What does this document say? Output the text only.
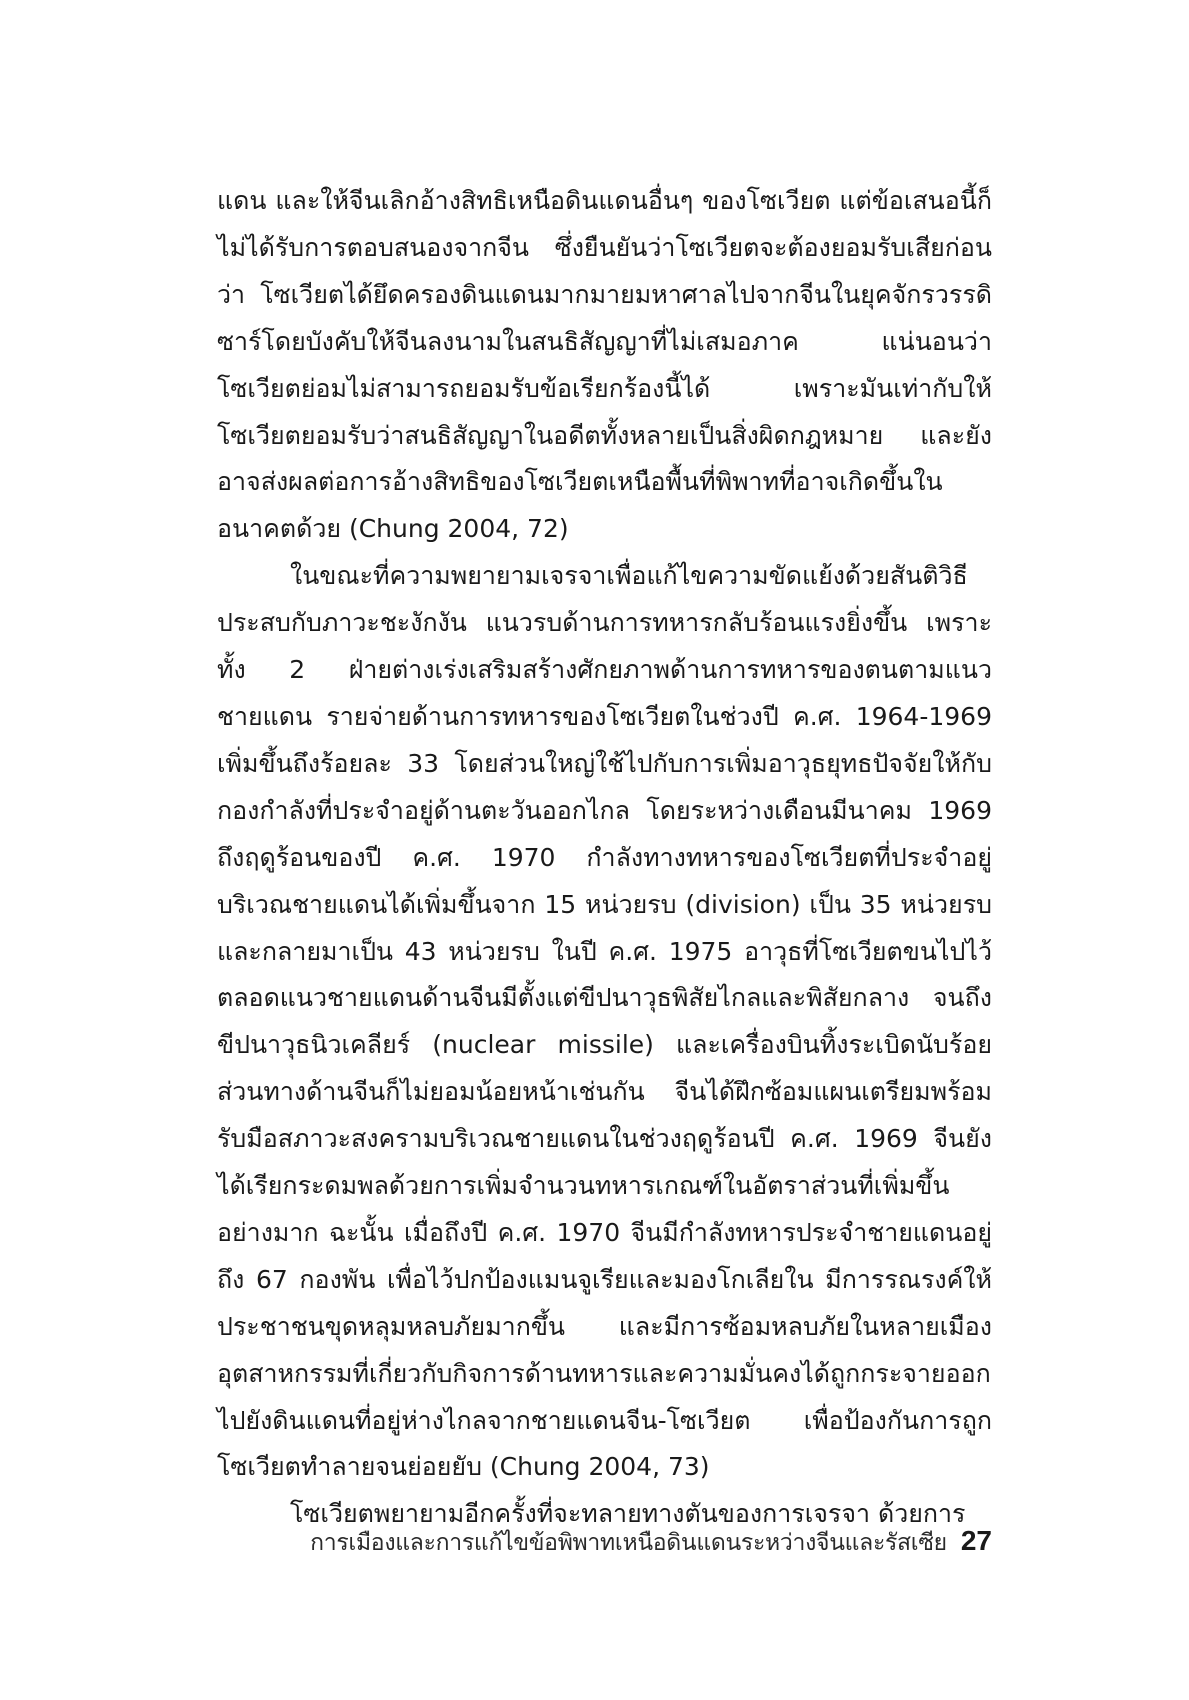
แดน และให้จีนเลิกอ้างสิทธิเหนือดินแดนอื่นๆ ของโซเวียต แต่ข้อเสนอนี้ก็ไม่ได้รับการตอบสนองจากจีน ซึ่งยืนยันว่าโซเวียตจะต้องยอมรับเสียก่อนว่า โซเวียตได้ยึดครองดินแดนมากมายมหาศาลไปจากจีนในยุคจักรวรรดิซาร์โดยบังคับให้จีนลงนามในสนธิสัญญาที่ไม่เสมอภาค แน่นอนว่าโซเวียตย่อมไม่สามารถยอมรับข้อเรียกร้องนี้ได้ เพราะมันเท่ากับให้โซเวียตยอมรับว่าสนธิสัญญาในอดีตทั้งหลายเป็นสิ่งผิดกฎหมาย และยังอาจส่งผลต่อการอ้างสิทธิของโซเวียตเหนือพื้นที่พิพาทที่อาจเกิดขึ้นในอนาคตด้วย (Chung 2004, 72)

ในขณะที่ความพยายามเจรจาเพื่อแก้ไขความขัดแย้งด้วยสันติวิธีประสบกับภาวะชะงักงัน แนวรบด้านการทหารกลับร้อนแรงยิ่งขึ้น เพราะทั้ง 2 ฝ่ายต่างเร่งเสริมสร้างศักยภาพด้านการทหารของตนตามแนวชายแดน รายจ่ายด้านการทหารของโซเวียตในช่วงปี ค.ศ. 1964-1969 เพิ่มขึ้นถึงร้อยละ 33 โดยส่วนใหญ่ใช้ไปกับการเพิ่มอาวุธยุทธปัจจัยให้กับกองกำลังที่ประจำอยู่ด้านตะวันออกไกล โดยระหว่างเดือนมีนาคม 1969 ถึงฤดูร้อนของปี ค.ศ. 1970 กำลังทางทหารของโซเวียตที่ประจำอยู่บริเวณชายแดนได้เพิ่มขึ้นจาก 15 หน่วยรบ (division) เป็น 35 หน่วยรบและกลายมาเป็น 43 หน่วยรบ ในปี ค.ศ. 1975 อาวุธที่โซเวียตขนไปไว้ตลอดแนวชายแดนด้านจีนมีตั้งแต่ขีปนาวุธพิสัยไกลและพิสัยกลาง จนถึงขีปนาวุธนิวเคลียร์ (nuclear missile) และเครื่องบินทิ้งระเบิดนับร้อย ส่วนทางด้านจีนก็ไม่ยอมน้อยหน้าเช่นกัน จีนได้ฝึกซ้อมแผนเตรียมพร้อมรับมือสภาวะสงครามบริเวณชายแดนในช่วงฤดูร้อนปี ค.ศ. 1969 จีนยังได้เรียกระดมพลด้วยการเพิ่มจำนวนทหารเกณฑ์ในอัตราส่วนที่เพิ่มขึ้นอย่างมาก ฉะนั้น เมื่อถึงปี ค.ศ. 1970 จีนมีกำลังทหารประจำชายแดนอยู่ถึง 67 กองพัน เพื่อไว้ปกป้องแมนจูเรียและมองโกเลียใน มีการรณรงค์ให้ประชาชนขุดหลุมหลบภัยมากขึ้น และมีการซ้อมหลบภัยในหลายเมือง อุตสาหกรรมที่เกี่ยวกับกิจการด้านทหารและความมั่นคงได้ถูกกระจายออกไปยังดินแดนที่อยู่ห่างไกลจากชายแดนจีน-โซเวียต เพื่อป้องกันการถูกโซเวียตทำลายจนย่อยยับ (Chung 2004, 73)

โซเวียตพยายามอีกครั้งที่จะทลายทางตันของการเจรจา ด้วยการ

การเมืองและการแก้ไขข้อพิพาทเหนือดินแดนระหว่างจีนและรัสเซีย 27
